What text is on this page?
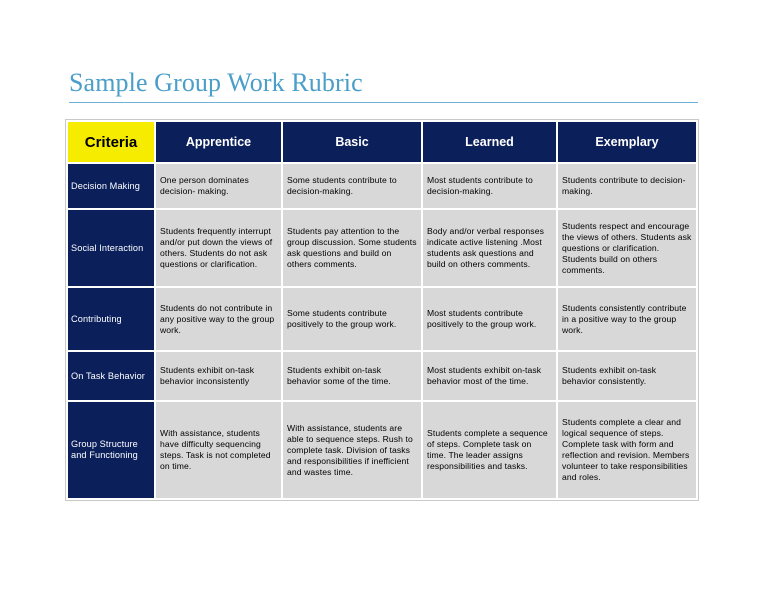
Sample Group Work Rubric
Criteria	Apprentice	Basic	Learned	Exemplary
Decision Making	One person dominates decision- making.	Some students contribute to decision-making.	Most students contribute to decision-making.	Students contribute to decision-making.
Social Interaction	Students frequently interrupt and/or put down the views of others. Students do not ask questions or clarification.	Students pay attention to the group discussion. Some students ask questions and build on others comments.	Body and/or verbal responses indicate active listening .Most students ask questions and build on others comments.	Students respect and encourage the views of others. Students ask questions or clarification. Students build on others comments.
Contributing	Students do not contribute in any positive way to the group work.	Some students contribute positively to the group work.	Most students contribute positively to the group work.	Students consistently contribute in a positive way to the group work.
On Task Behavior	Students exhibit on-task behavior inconsistently	Students exhibit on-task behavior some of the time.	Most students exhibit on-task behavior most of the time.	Students exhibit on-task behavior consistently.
Group Structure and Functioning	With assistance, students have difficulty sequencing steps. Task is not completed on time.	With assistance, students are able to sequence steps. Rush to complete task. Division of tasks and responsibilities if inefficient and wastes time.	Students complete a sequence of steps. Complete task on time. The leader assigns responsibilities and tasks.	Students complete a clear and logical sequence of steps. Complete task with form and reflection and revision. Members volunteer to take responsibilities and roles.
